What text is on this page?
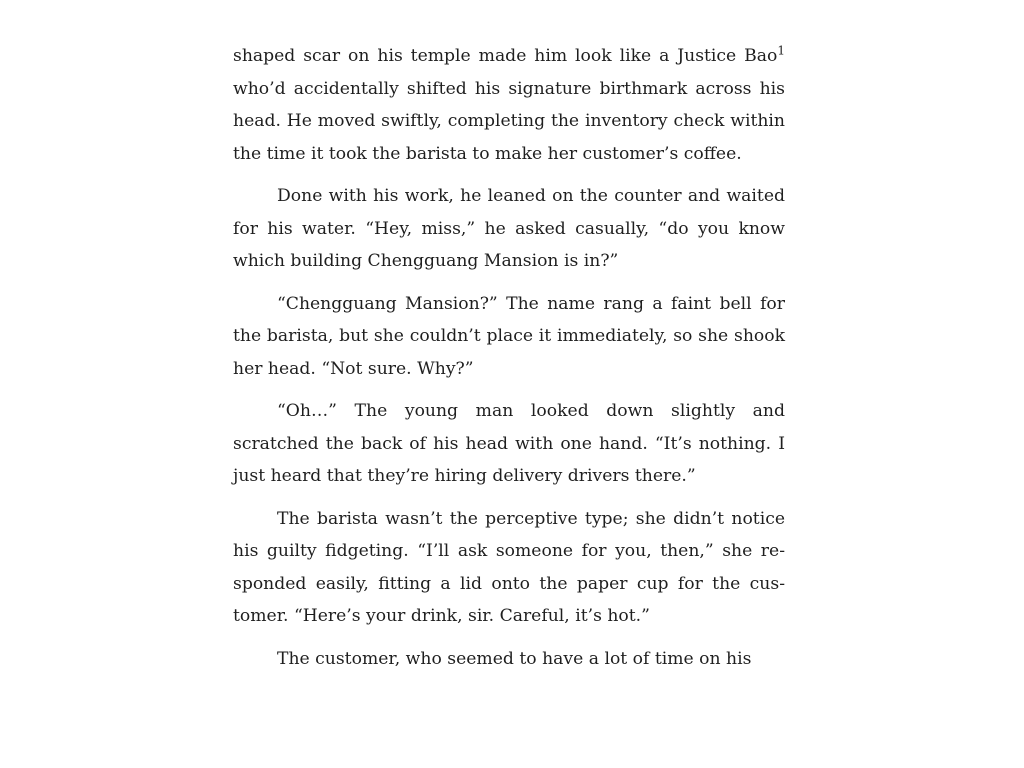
shaped scar on his temple made him look like a Justice Bao$^1$ who’d accidentally shifted his signature birthmark across his head. He moved swiftly, completing the inventory check within the time it took the barista to make her customer’s coffee.

Done with his work, he leaned on the counter and waited for his water. “Hey, miss,” he asked casually, “do you know which building Chengguang Mansion is in?”

“Chengguang Mansion?” The name rang a faint bell for the barista, but she couldn’t place it immediately, so she shook her head. “Not sure. Why?”

“Oh…” The young man looked down slightly and scratched the back of his head with one hand. “It’s nothing. I just heard that they’re hiring delivery drivers there.”

The barista wasn’t the perceptive type; she didn’t notice his guilty fidgeting. “I’ll ask someone for you, then,” she responded easily, fitting a lid onto the paper cup for the customer. “Here’s your drink, sir. Careful, it’s hot.”

The customer, who seemed to have a lot of time on his
